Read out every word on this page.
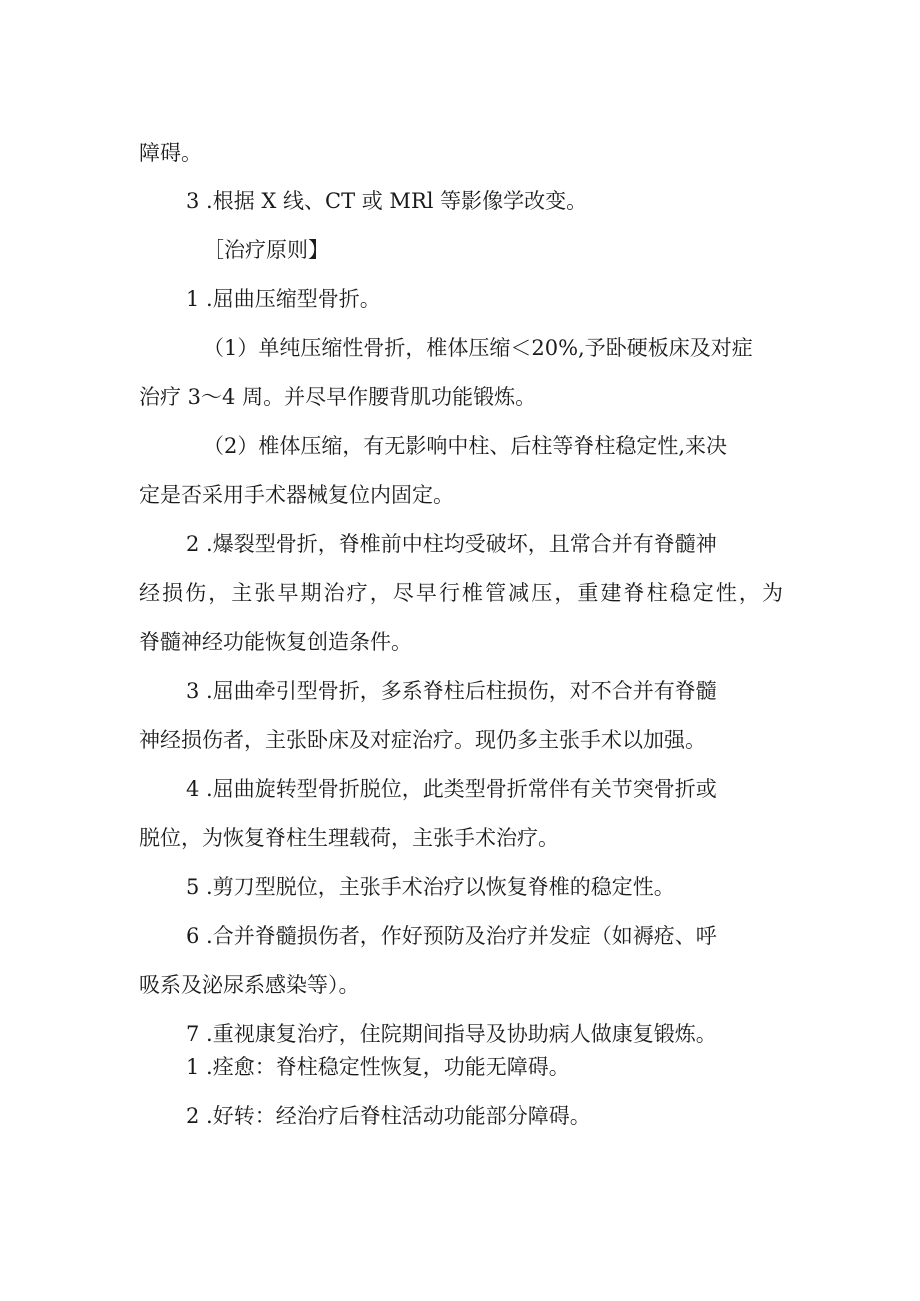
障碍。

3 .根据 X 线、CT 或 MRl 等影像学改变。

［治疗原则】

1 .屈曲压缩型骨折。

（1）单纯压缩性骨折，椎体压缩＜20%,予卧硬板床及对症

治疗 3～4 周。并尽早作腰背肌功能锻炼。

（2）椎体压缩，有无影响中柱、后柱等脊柱稳定性,来决

定是否采用手术器械复位内固定。

2 .爆裂型骨折，脊椎前中柱均受破坏，且常合并有脊髓神

经损伤，主张早期治疗，尽早行椎管减压，重建脊柱稳定性，为

脊髓神经功能恢复创造条件。

3 .屈曲牵引型骨折，多系脊柱后柱损伤，对不合并有脊髓

神经损伤者，主张卧床及对症治疗。现仍多主张手术以加强。

4 .屈曲旋转型骨折脱位，此类型骨折常伴有关节突骨折或

脱位，为恢复脊柱生理载荷，主张手术治疗。

5 .剪刀型脱位，主张手术治疗以恢复脊椎的稳定性。

6 .合并脊髓损伤者，作好预防及治疗并发症（如褥疮、呼

吸系及泌尿系感染等）。

7 .重视康复治疗，住院期间指导及协助病人做康复锻炼。

1 .痊愈：脊柱稳定性恢复，功能无障碍。

2 .好转：经治疗后脊柱活动功能部分障碍。
